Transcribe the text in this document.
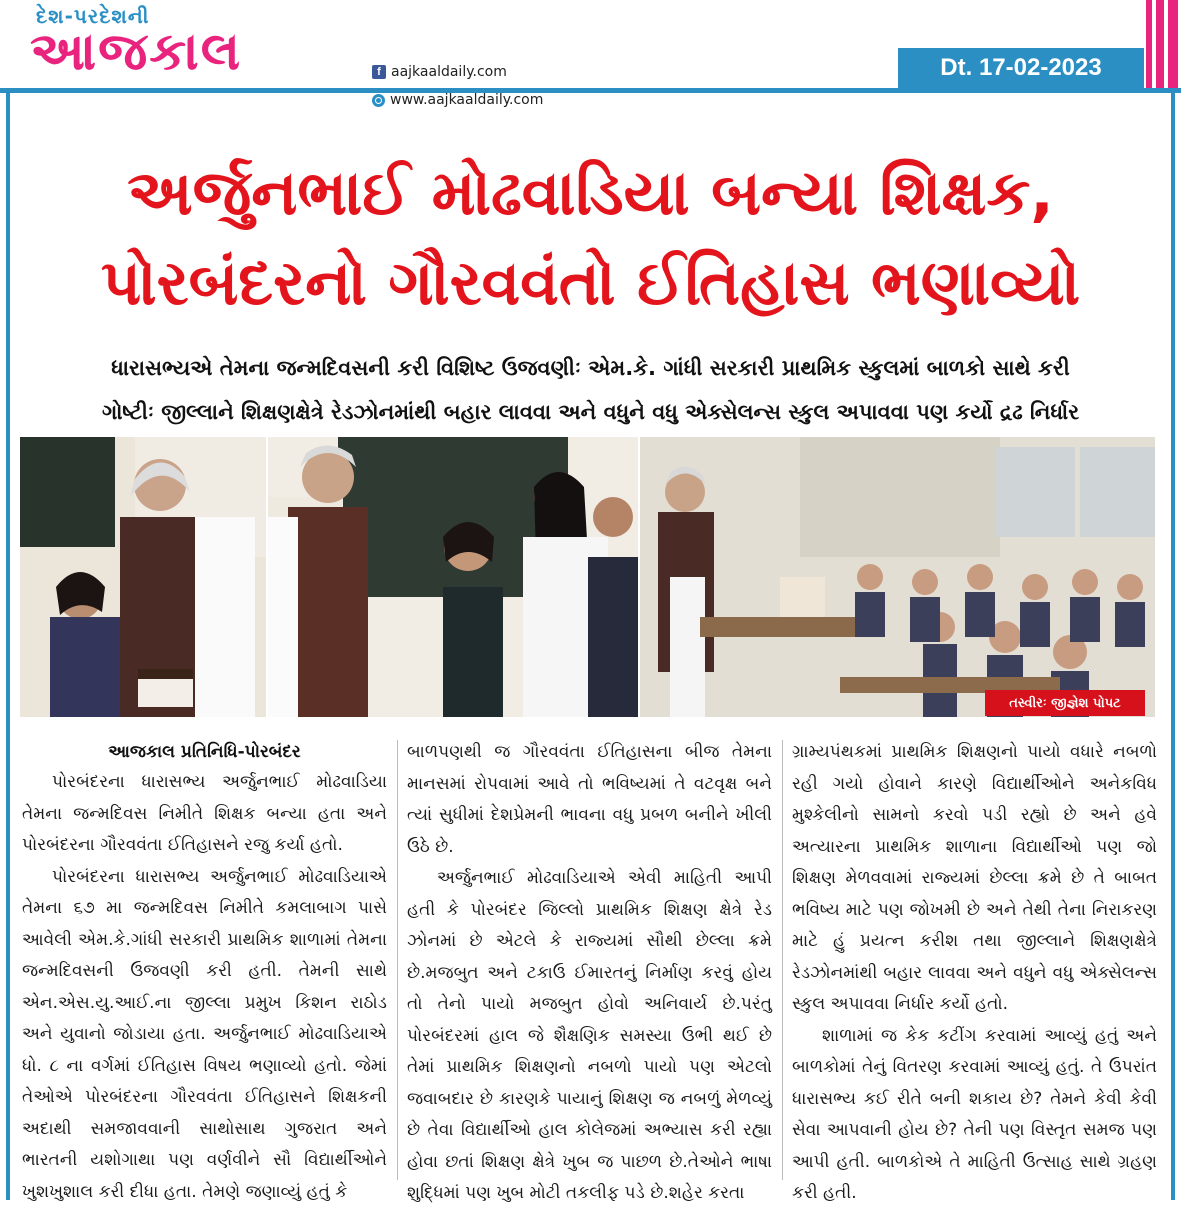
દેશ-પરદેશની
આજકાલ	f aajkaaldaily.com	Dt. 17-02-2023
www.aajkaaldaily.com
અર્જુનભાઈ મોઢવાડિયા બન્યા શિક્ષક,
પોરબંદરનો ગૌરવવંતો ઈતિહાસ ભણાવ્યો
ધારાસભ્યએ તેમના જન્મદિવસની કરી વિશિષ્ટ ઉજવણીઃ એમ.કે. ગાંધી સરકારી પ્રાથમિક સ્કુલમાં બાળકો સાથે કરી
ગોષ્ટીઃ જીલ્લાને શિક્ષણક્ષેત્રે રેડઝોનમાંથી બહાર લાવવા અને વધુને વધુ એક્સેલન્સ સ્કુલ અપાવવા પણ કર્યો દ્રઢ નિર્ધાર
તસ્વીરઃ જીજ્ઞેશ પોપટ
આજકાલ પ્રતિનિધિ-પોરબંદર

પોરબંદરના ધારાસભ્ય અર્જુનભાઈ મોઢવાડિયા તેમના જન્મદિવસ નિમીતે શિક્ષક બન્યા હતા અને પોરબંદરના ગૌરવવંતા ઈતિહાસને રજુ કર્યા હતો.

પોરબંદરના ધારાસભ્ય અર્જુનભાઈ મોઢવાડિયાએ તેમના ૬૭ મા જન્મદિવસ નિમીતે કમલાબાગ પાસે આવેલી એમ.કે.ગાંધી સરકારી પ્રાથમિક શાળામાં તેમના જન્મદિવસની ઉજવણી કરી હતી. તેમની સાથે એન.એસ.યુ.આઈ.ના જીલ્લા પ્રમુખ કિશન રાઠોડ અને યુવાનો જોડાયા હતા. અર્જુનભાઈ મોઢવાડિયાએ ધો. ૮ ના વર્ગમાં ઈતિહાસ વિષય ભણાવ્યો હતો. જેમાં તેઓએ પોરબંદરના ગૌરવવંતા ઈતિહાસને શિક્ષકની અદાથી સમજાવવાની સાથોસાથ ગુજરાત અને ભારતની યશોગાથા પણ વર્ણવીને સૌ વિદ્યાર્થીઓને ખુશખુશાલ કરી દીધા હતા. તેમણે જણાવ્યું હતું કે

બાળપણથી જ ગૌરવવંતા ઈતિહાસના બીજ તેમના માનસમાં રોપવામાં આવે તો ભવિષ્યમાં તે વટવૃક્ષ બને ત્યાં સુધીમાં દેશપ્રેમની ભાવના વધુ પ્રબળ બનીને ખીલી ઉઠે છે.

અર્જુનભાઈ મોઢવાડિયાએ એવી માહિતી આપી હતી કે પોરબંદર જિલ્લો પ્રાથમિક શિક્ષણ ક્ષેત્રે રેડ ઝોનમાં છે એટલે કે રાજ્યમાં સૌથી છેલ્લા ક્રમે છે.મજબુત અને ટકાઉ ઈમારતનું નિર્માણ કરવું હોય તો તેનો પાયો મજબુત હોવો અનિવાર્ય છે.પરંતુ પોરબંદરમાં હાલ જે શૈક્ષણિક સમસ્યા ઉભી થઈ છે તેમાં પ્રાથમિક શિક્ષણનો નબળો પાયો પણ એટલો જવાબદાર છે કારણકે પાયાનું શિક્ષણ જ નબળું મેળવ્યું છે તેવા વિદ્યાર્થીઓ હાલ કોલેજમાં અભ્યાસ કરી રહ્યા હોવા છતાં શિક્ષણ ક્ષેત્રે ખુબ જ પાછળ છે.તેઓને ભાષા શુદ્ધિમાં પણ ખુબ મોટી તકલીફ પડે છે.શહેર કરતા

ગ્રામ્યપંથકમાં પ્રાથમિક શિક્ષણનો પાયો વધારે નબળો રહી ગયો હોવાને કારણે વિદ્યાર્થીઓને અનેકવિધ મુશ્કેલીનો સામનો કરવો પડી રહ્યો છે અને હવે અત્યારના પ્રાથમિક શાળાના વિદ્યાર્થીઓ પણ જો શિક્ષણ મેળવવામાં રાજ્યમાં છેલ્લા ક્રમે છે તે બાબત ભવિષ્ય માટે પણ જોખમી છે અને તેથી તેના નિરાકરણ માટે હું પ્રયત્ન કરીશ તથા જીલ્લાને શિક્ષણક્ષેત્રે રેડઝોનમાંથી બહાર લાવવા અને વધુને વધુ એક્સેલન્સ સ્કુલ અપાવવા નિર્ધાર કર્યો હતો.

શાળામાં જ કેક કટીંગ કરવામાં આવ્યું હતું અને બાળકોમાં તેનું વિતરણ કરવામાં આવ્યું હતું. તે ઉપરાંત ધારાસભ્ય કઈ રીતે બની શકાય છે? તેમને કેવી કેવી સેવા આપવાની હોય છે? તેની પણ વિસ્તૃત સમજ પણ આપી હતી. બાળકોએ તે માહિતી ઉત્સાહ સાથે ગ્રહણ કરી હતી.
